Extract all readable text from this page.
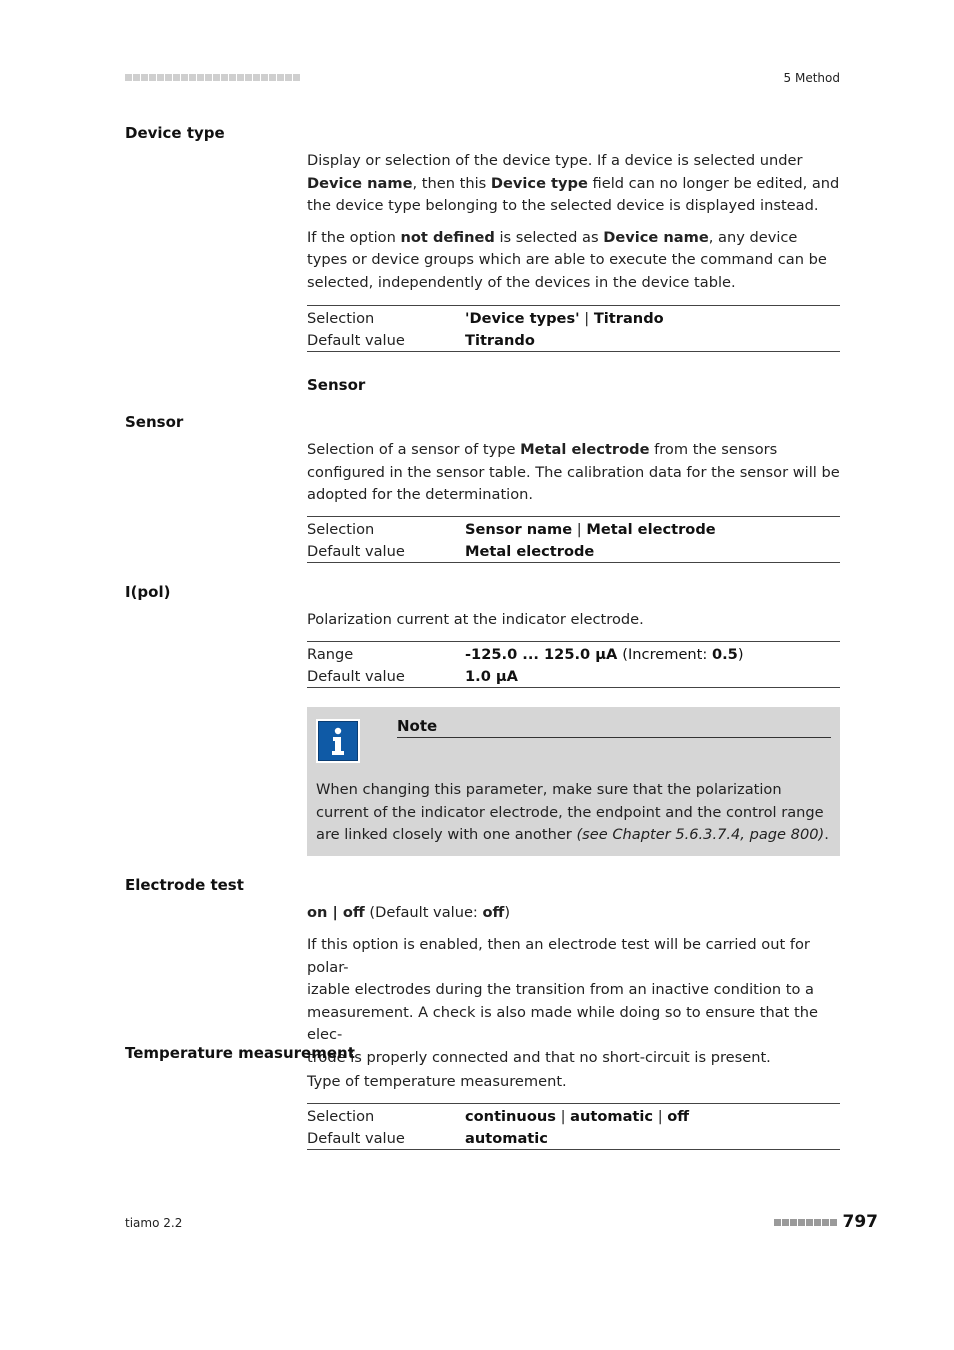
5 Method
Device type

Display or selection of the device type. If a device is selected under Device name, then this Device type field can no longer be edited, and the device type belonging to the selected device is displayed instead.

If the option not defined is selected as Device name, any device types or device groups which are able to execute the command can be selected, independently of the devices in the device table.

Selection	'Device types' | Titrando
Default value	Titrando
Sensor
Sensor

Selection of a sensor of type Metal electrode from the sensors configured in the sensor table. The calibration data for the sensor will be adopted for the determination.

Selection	Sensor name | Metal electrode
Default value	Metal electrode
I(pol)

Polarization current at the indicator electrode.

Range	-125.0 ... 125.0 µA (Increment: 0.5)
Default value	1.0 µA
Note
When changing this parameter, make sure that the polarization current of the indicator electrode, the endpoint and the control range are linked closely with one another (see Chapter 5.6.3.7.4, page 800).
Electrode test

on | off (Default value: off)

If this option is enabled, then an electrode test will be carried out for polar-
izable electrodes during the transition from an inactive condition to a
measurement. A check is also made while doing so to ensure that the elec-
trode is properly connected and that no short-circuit is present.
Temperature measurement

Type of temperature measurement.

Selection	continuous | automatic | off
Default value	automatic
tiamo 2.2	797
